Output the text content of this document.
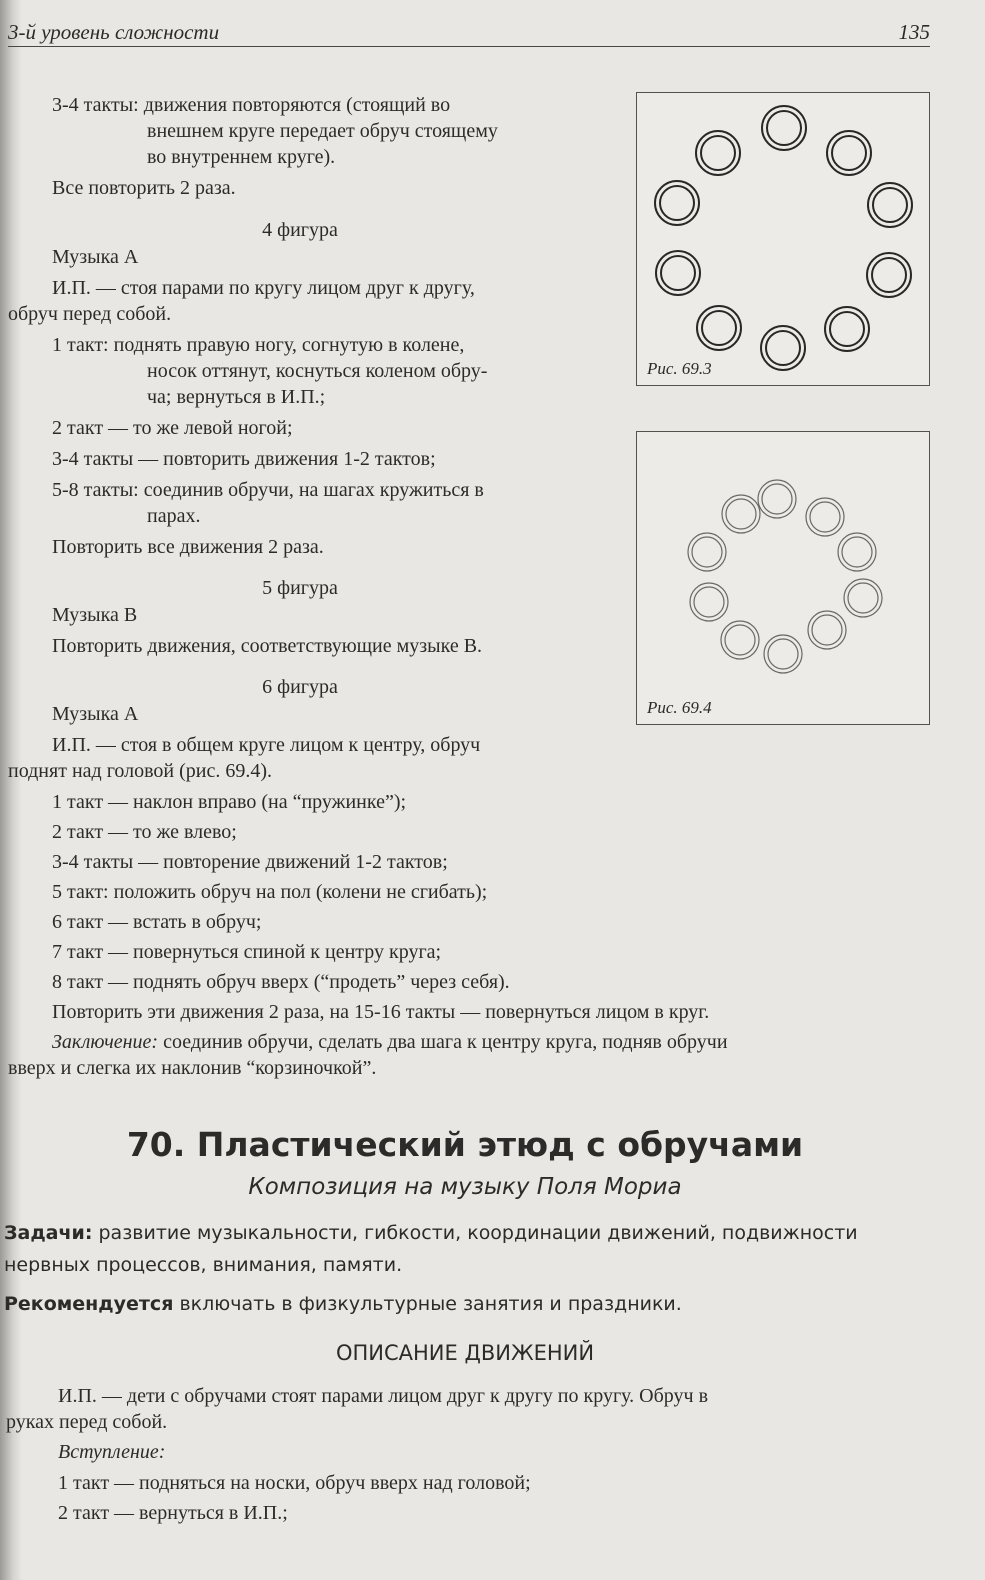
3-й уровень сложности	135
3-4 такты: движения повторяются (стоящий во
внешнем круге передает обруч стоящему
во внутреннем круге).
Все повторить 2 раза.
4 фигура
Музыка А
И.П. — стоя парами по кругу лицом друг к другу,
обруч перед собой.
1 такт: поднять правую ногу, согнутую в колене,
носок оттянут, коснуться коленом обру-
ча; вернуться в И.П.;
2 такт — то же левой ногой;
3-4 такты — повторить движения 1-2 тактов;
5-8 такты: соединив обручи, на шагах кружиться в
парах.
Повторить все движения 2 раза.
5 фигура
Музыка В
Повторить движения, соответствующие музыке В.
6 фигура
Музыка А
И.П. — стоя в общем круге лицом к центру, обруч
поднят над головой (рис. 69.4).
1 такт — наклон вправо (на “пружинке”);
2 такт — то же влево;
3-4 такты — повторение движений 1-2 тактов;
5 такт: положить обруч на пол (колени не сгибать);
6 такт — встать в обруч;
7 такт — повернуться спиной к центру круга;
8 такт — поднять обруч вверх (“продеть” через себя).
Повторить эти движения 2 раза, на 15-16 такты — повернуться лицом в круг.
Заключение: соединив обручи, сделать два шага к центру круга, подняв обручи
вверх и слегка их наклонив “корзиночкой”.
Рис. 69.3
Рис. 69.4
70. Пластический этюд с обручами
Композиция на музыку Поля Мориа
Задачи: развитие музыкальности, гибкости, координации движений, подвижности
нервных процессов, внимания, памяти.
Рекомендуется включать в физкультурные занятия и праздники.
ОПИСАНИЕ ДВИЖЕНИЙ
И.П. — дети с обручами стоят парами лицом друг к другу по кругу. Обруч в
руках перед собой.
Вступление:
1 такт — подняться на носки, обруч вверх над головой;
2 такт — вернуться в И.П.;
